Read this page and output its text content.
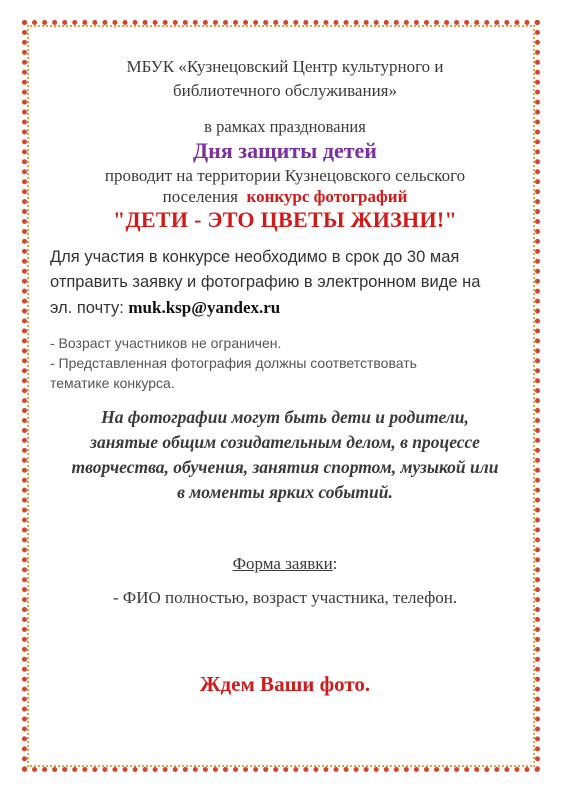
МБУК «Кузнецовский Центр культурного и
библиотечного обслуживания»
в рамках празднования
Дня защиты детей
проводит на территории Кузнецовского сельского
поселения конкурс фотографий
"ДЕТИ - ЭТО ЦВЕТЫ ЖИЗНИ!"
Для участия в конкурсе необходимо в срок до 30 мая
отправить заявку и фотографию в электронном виде на
эл. почту: muk.ksp@yandex.ru
- Возраст участников не ограничен.
- Представленная фотография должны соответствовать
тематике конкурса.
На фотографии могут быть дети и родители,
занятые общим созидательным делом, в процессе
творчества, обучения, занятия спортом, музыкой или
в моменты ярких событий.
Форма заявки:
- ФИО полностью, возраст участника, телефон.
Ждем Ваши фото.
